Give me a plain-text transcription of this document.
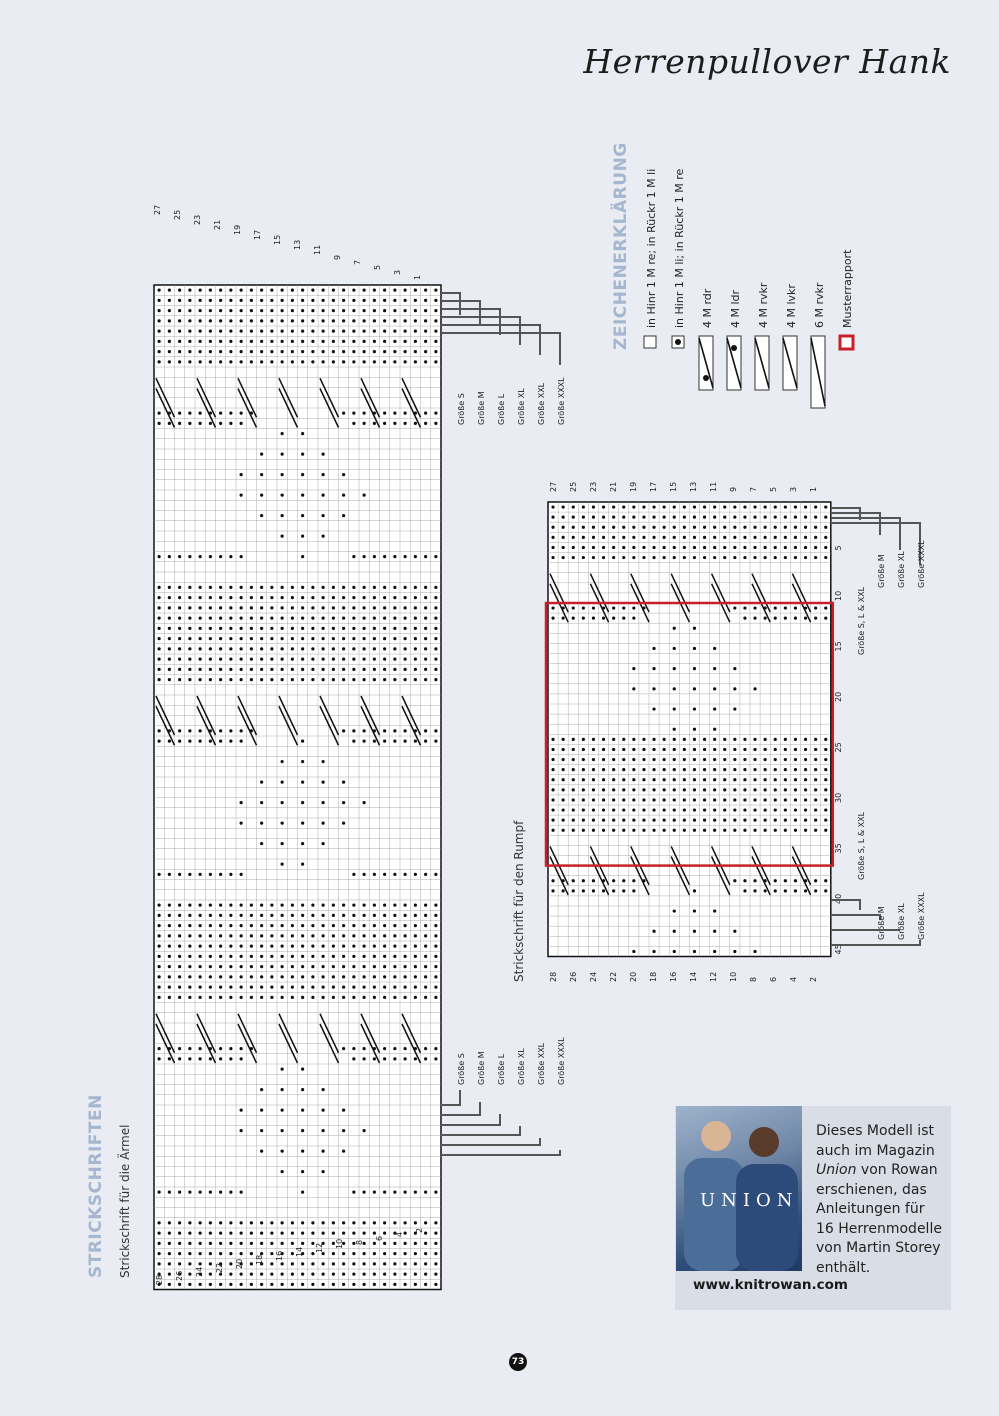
Herrenpullover Hank
STRICKSCHRIFTEN Strickschrift für die Ärmel
Strickschrift für den Rumpf
ZEICHENERKLÄRUNG in Hinr 1 M re; in Rückr 1 M li in Hinr 1 M li; in Rückr 1 M re 4 M rdr 4 M ldr 4 M rvkr 4 M lvkr 6 M rvkr Musterrapport
27 25 23 21 19 17 15 13 11
9
7
5
3
1
28 26 24 22 20 18 16 14 12 10 8
6
4
2
Größe S Größe M Größe L Größe XL Größe XXL Größe XXXL
Größe S Größe M Größe L Größe XL Größe XXL Größe XXXL
27 25 23 21 19 17 15 13 11 9 7 5 3 1
28 26 24 22 20 18 16 14 12 10 8 6 4 2
5
10
15
20
25
30
35
40
45
Größe S, L & XXL
Größe M Größe XL Größe XXXL
Größe S, L & XXL
Größe M Größe XL Größe XXXL
UNION
Dieses Modell ist auch im Magazin Union von Rowan erschienen, das Anleitungen für 16 Herrenmodelle von Martin Storey enthält.
www.knitrowan.com
73
